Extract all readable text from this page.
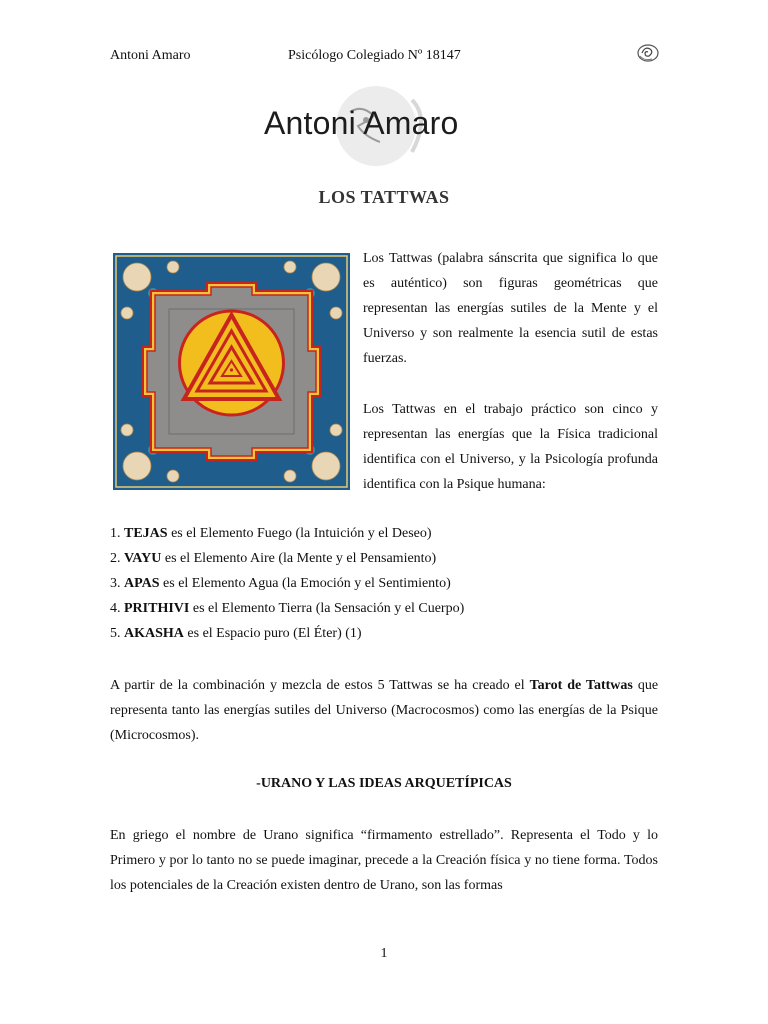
Antoni Amaro	Psicólogo Colegiado Nº 18147
Antoni Amaro
LOS TATTWAS
Los Tattwas (palabra sánscrita que significa lo que es auténtico) son figuras geométricas que representan las energías sutiles de la Mente y el Universo y son realmente la esencia sutil de estas fuerzas.
Los Tattwas en el trabajo práctico son cinco y representan las energías que la Física tradicional identifica con el Universo, y la Psicología profunda identifica con la Psique humana:
1. TEJAS es el Elemento Fuego (la Intuición y el Deseo)
2. VAYU es el Elemento Aire (la Mente y el Pensamiento)
3. APAS es el Elemento Agua (la Emoción y el Sentimiento)
4. PRITHIVI es el Elemento Tierra (la Sensación y el Cuerpo)
5. AKASHA es el Espacio puro (El Éter) (1)
A partir de la combinación y mezcla de estos 5 Tattwas se ha creado el Tarot de Tattwas que representa tanto las energías sutiles del Universo (Macrocosmos) como las energías de la Psique (Microcosmos).
-URANO Y LAS IDEAS ARQUETÍPICAS
En griego el nombre de Urano significa “firmamento estrellado”. Representa el Todo y lo Primero y por lo tanto no se puede imaginar, precede a la Creación física y no tiene forma. Todos los potenciales de la Creación existen dentro de Urano, son las formas
1
